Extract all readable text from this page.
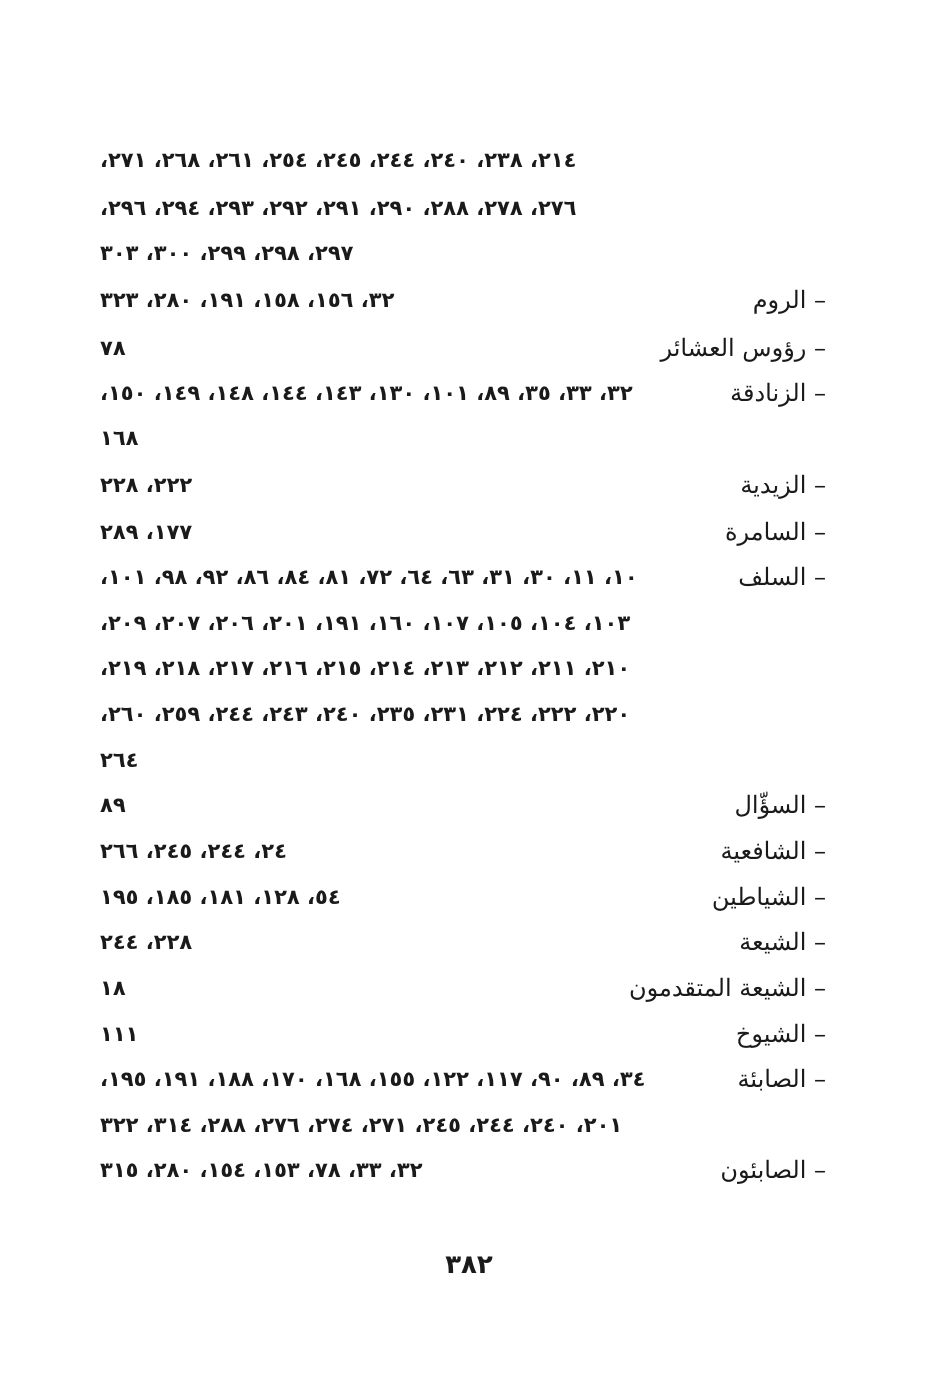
٢١٤، ٢٣٨، ٢٤٠، ٢٤٤، ٢٤٥، ٢٥٤، ٢٦١، ٢٦٨، ٢٧١،
٢٧٦، ٢٧٨، ٢٨٨، ٢٩٠، ٢٩١، ٢٩٢، ٢٩٣، ٢٩٤، ٢٩٦،
٢٩٧، ٢٩٨، ٢٩٩، ٣٠٠، ٣٠٣
– الروم
٣٢، ١٥٦، ١٥٨، ١٩١، ٢٨٠، ٣٢٣
– رؤوس العشائر
٧٨
– الزنادقة
٣٢، ٣٣، ٣٥، ٨٩، ١٠١، ١٣٠، ١٤٣، ١٤٤، ١٤٨، ١٤٩، ١٥٠،
١٦٨
– الزيدية
٢٢٢، ٢٢٨
– السامرة
١٧٧، ٢٨٩
– السلف
١٠، ١١، ٣٠، ٣١، ٦٣، ٦٤، ٧٢، ٨١، ٨٤، ٨٦، ٩٢، ٩٨، ١٠١،
١٠٣، ١٠٤، ١٠٥، ١٠٧، ١٦٠، ١٩١، ٢٠١، ٢٠٦، ٢٠٧، ٢٠٩،
٢١٠، ٢١١، ٢١٢، ٢١٣، ٢١٤، ٢١٥، ٢١٦، ٢١٧، ٢١٨، ٢١٩،
٢٢٠، ٢٢٢، ٢٢٤، ٢٣١، ٢٣٥، ٢٤٠، ٢٤٣، ٢٤٤، ٢٥٩، ٢٦٠،
٢٦٤
– السؤّال
٨٩
– الشافعية
٢٤، ٢٤٤، ٢٤٥، ٢٦٦
– الشياطين
٥٤، ١٢٨، ١٨١، ١٨٥، ١٩٥
– الشيعة
٢٢٨، ٢٤٤
– الشيعة المتقدمون
١٨
– الشيوخ
١١١
– الصابئة
٣٤، ٨٩، ٩٠، ١١٧، ١٢٢، ١٥٥، ١٦٨، ١٧٠، ١٨٨، ١٩١، ١٩٥،
٢٠١، ٢٤٠، ٢٤٤، ٢٤٥، ٢٧١، ٢٧٤، ٢٧٦، ٢٨٨، ٣١٤، ٣٢٢
– الصابئون
٣٢، ٣٣، ٧٨، ١٥٣، ١٥٤، ٢٨٠، ٣١٥
٣٨٢
